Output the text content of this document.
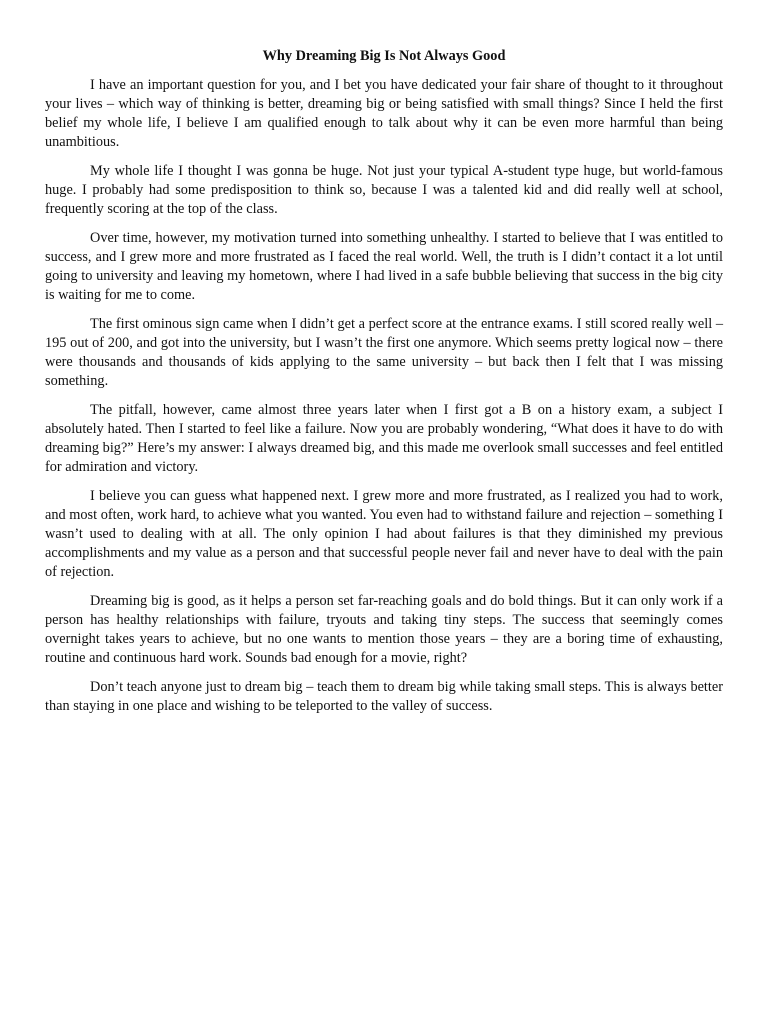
Why Dreaming Big Is Not Always Good

I have an important question for you, and I bet you have dedicated your fair share of thought to it throughout your lives – which way of thinking is better, dreaming big or being satisfied with small things? Since I held the first belief my whole life, I believe I am qualified enough to talk about why it can be even more harmful than being unambitious.

My whole life I thought I was gonna be huge. Not just your typical A-student type huge, but world-famous huge. I probably had some predisposition to think so, because I was a talented kid and did really well at school, frequently scoring at the top of the class.

Over time, however, my motivation turned into something unhealthy. I started to believe that I was entitled to success, and I grew more and more frustrated as I faced the real world. Well, the truth is I didn’t contact it a lot until going to university and leaving my hometown, where I had lived in a safe bubble believing that success in the big city is waiting for me to come.

The first ominous sign came when I didn’t get a perfect score at the entrance exams. I still scored really well – 195 out of 200, and got into the university, but I wasn’t the first one anymore. Which seems pretty logical now – there were thousands and thousands of kids applying to the same university – but back then I felt that I was missing something.

The pitfall, however, came almost three years later when I first got a B on a history exam, a subject I absolutely hated. Then I started to feel like a failure. Now you are probably wondering, “What does it have to do with dreaming big?” Here’s my answer: I always dreamed big, and this made me overlook small successes and feel entitled for admiration and victory.

I believe you can guess what happened next. I grew more and more frustrated, as I realized you had to work, and most often, work hard, to achieve what you wanted. You even had to withstand failure and rejection – something I wasn’t used to dealing with at all. The only opinion I had about failures is that they diminished my previous accomplishments and my value as a person and that successful people never fail and never have to deal with the pain of rejection.

Dreaming big is good, as it helps a person set far-reaching goals and do bold things. But it can only work if a person has healthy relationships with failure, tryouts and taking tiny steps. The success that seemingly comes overnight takes years to achieve, but no one wants to mention those years – they are a boring time of exhausting, routine and continuous hard work. Sounds bad enough for a movie, right?

Don’t teach anyone just to dream big – teach them to dream big while taking small steps. This is always better than staying in one place and wishing to be teleported to the valley of success.
